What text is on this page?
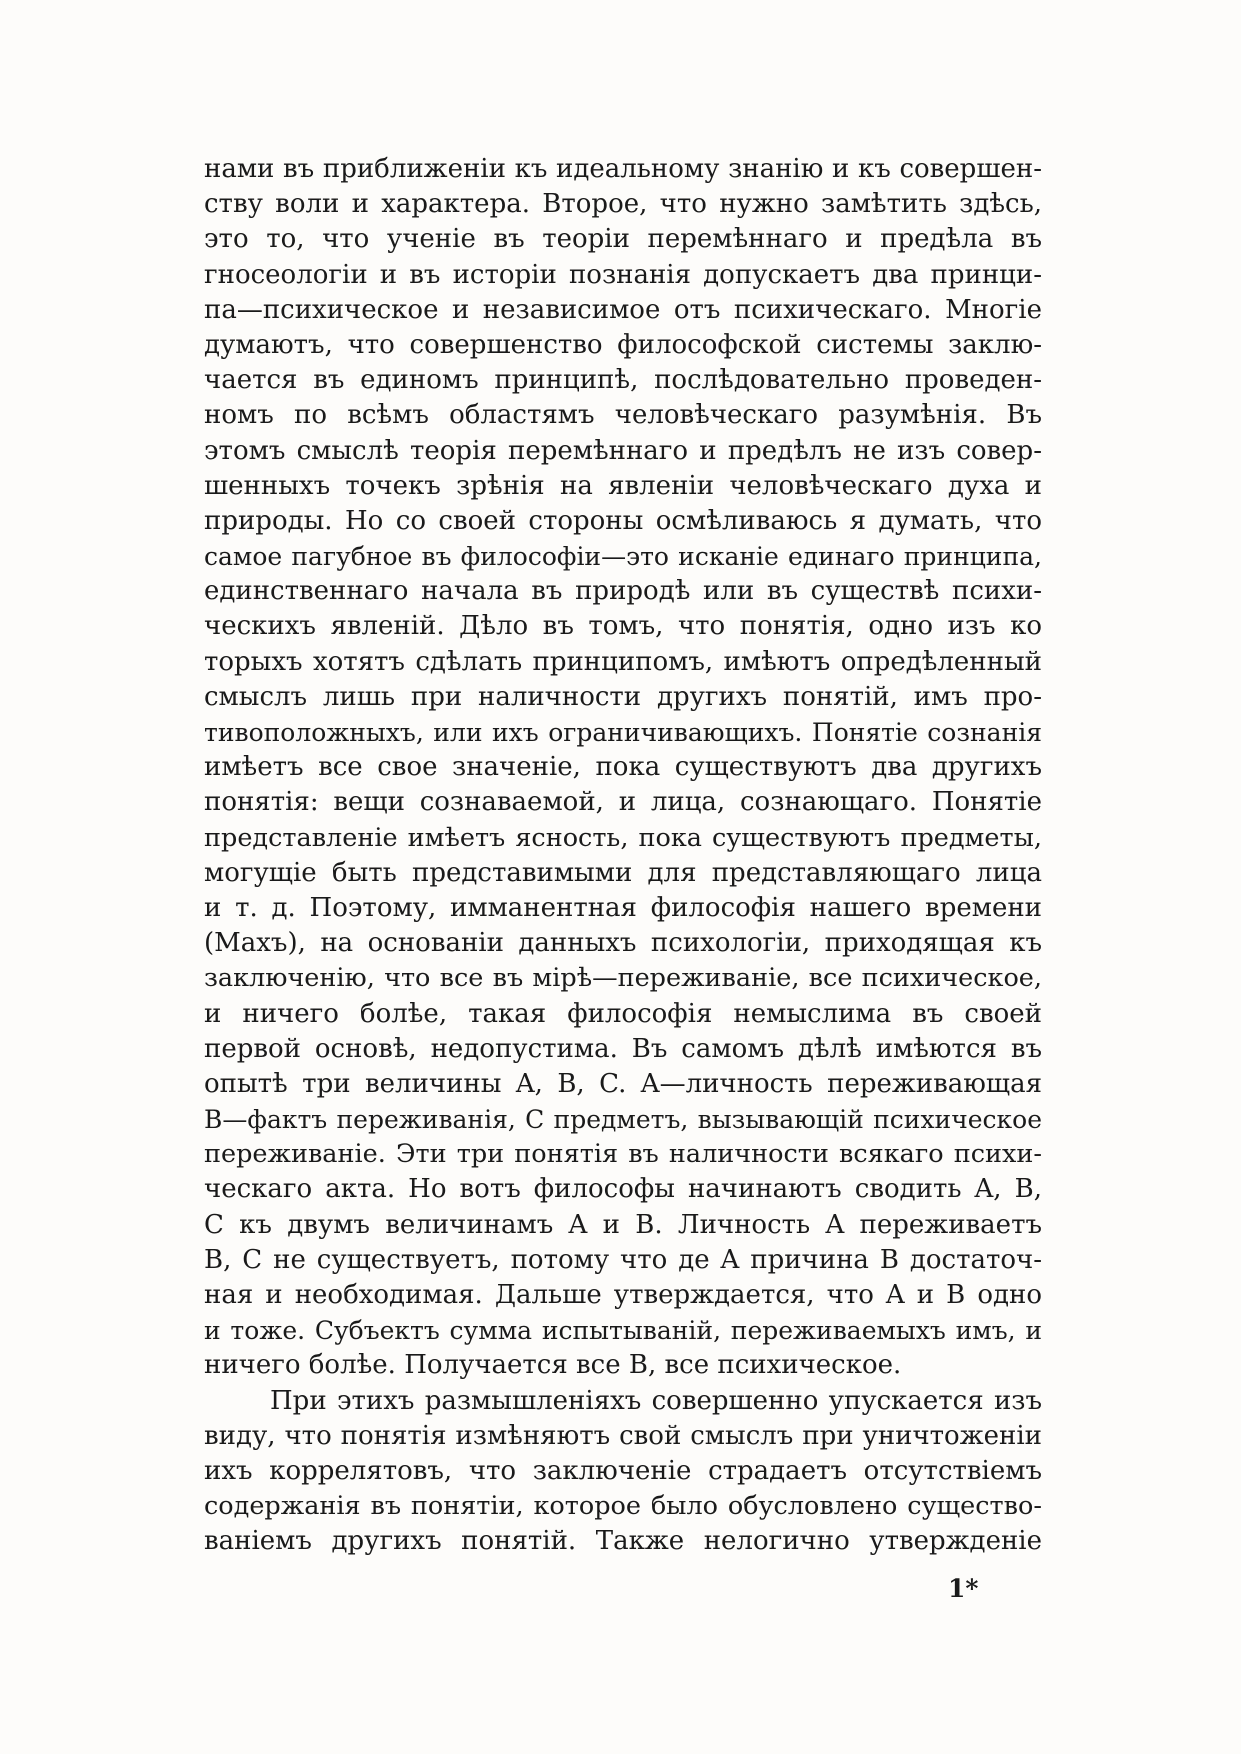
нами въ приближеніи къ идеальному знанію и къ совершен-
ству воли и характера. Второе, что нужно замѣтить здѣсь,
это то, что ученіе въ теоріи перемѣннаго и предѣла въ
гносеологіи и въ исторіи познанія допускаетъ два принци-
па—психическое и независимое отъ психическаго. Многіе
думаютъ, что совершенство философской системы заклю-
чается въ единомъ принципѣ, послѣдовательно проведен-
номъ по всѣмъ областямъ человѣческаго разумѣнія. Въ
этомъ смыслѣ теорія перемѣннаго и предѣлъ не изъ совер-
шенныхъ точекъ зрѣнія на явленіи человѣческаго духа и
природы. Но со своей стороны осмѣливаюсь я думать, что
самое пагубное въ философіи—это исканіе единаго принципа,
единственнаго начала въ природѣ или въ существѣ психи-
ческихъ явленій. Дѣло въ томъ, что понятія, одно изъ ко
торыхъ хотятъ сдѣлать принципомъ, имѣютъ опредѣленный
смыслъ лишь при наличности другихъ понятій, имъ про-
тивоположныхъ, или ихъ ограничивающихъ. Понятіе сознанія
имѣетъ все свое значеніе, пока существуютъ два другихъ
понятія: вещи сознаваемой, и лица, сознающаго. Понятіе
представленіе имѣетъ ясность, пока существуютъ предметы,
могущіе быть представимыми для представляющаго лица
и т. д. Поэтому, имманентная философія нашего времени
(Махъ), на основаніи данныхъ психологіи, приходящая къ
заключенію, что все въ мірѣ—переживаніе, все психическое,
и ничего болѣе, такая философія немыслима въ своей
первой основѣ, недопустима. Въ самомъ дѣлѣ имѣются въ
опытѣ три величины A, B, C. A—личность переживающая
B—фактъ переживанія, C предметъ, вызывающій психическое
переживаніе. Эти три понятія въ наличности всякаго психи-
ческаго акта. Но вотъ философы начинаютъ сводить A, B,
C къ двумъ величинамъ A и B. Личность A переживаетъ
B, C не существуетъ, потому что де A причина B достаточ-
ная и необходимая. Дальше утверждается, что A и B одно
и тоже. Субъектъ сумма испытываній, переживаемыхъ имъ, и
ничего болѣе. Получается все B, все психическое.
При этихъ размышленіяхъ совершенно упускается изъ
виду, что понятія измѣняютъ свой смыслъ при уничтоженіи
ихъ коррелятовъ, что заключеніе страдаетъ отсутствіемъ
содержанія въ понятіи, которое было обусловлено существо-
ваніемъ другихъ понятій. Также нелогично утвержденіе
1*
